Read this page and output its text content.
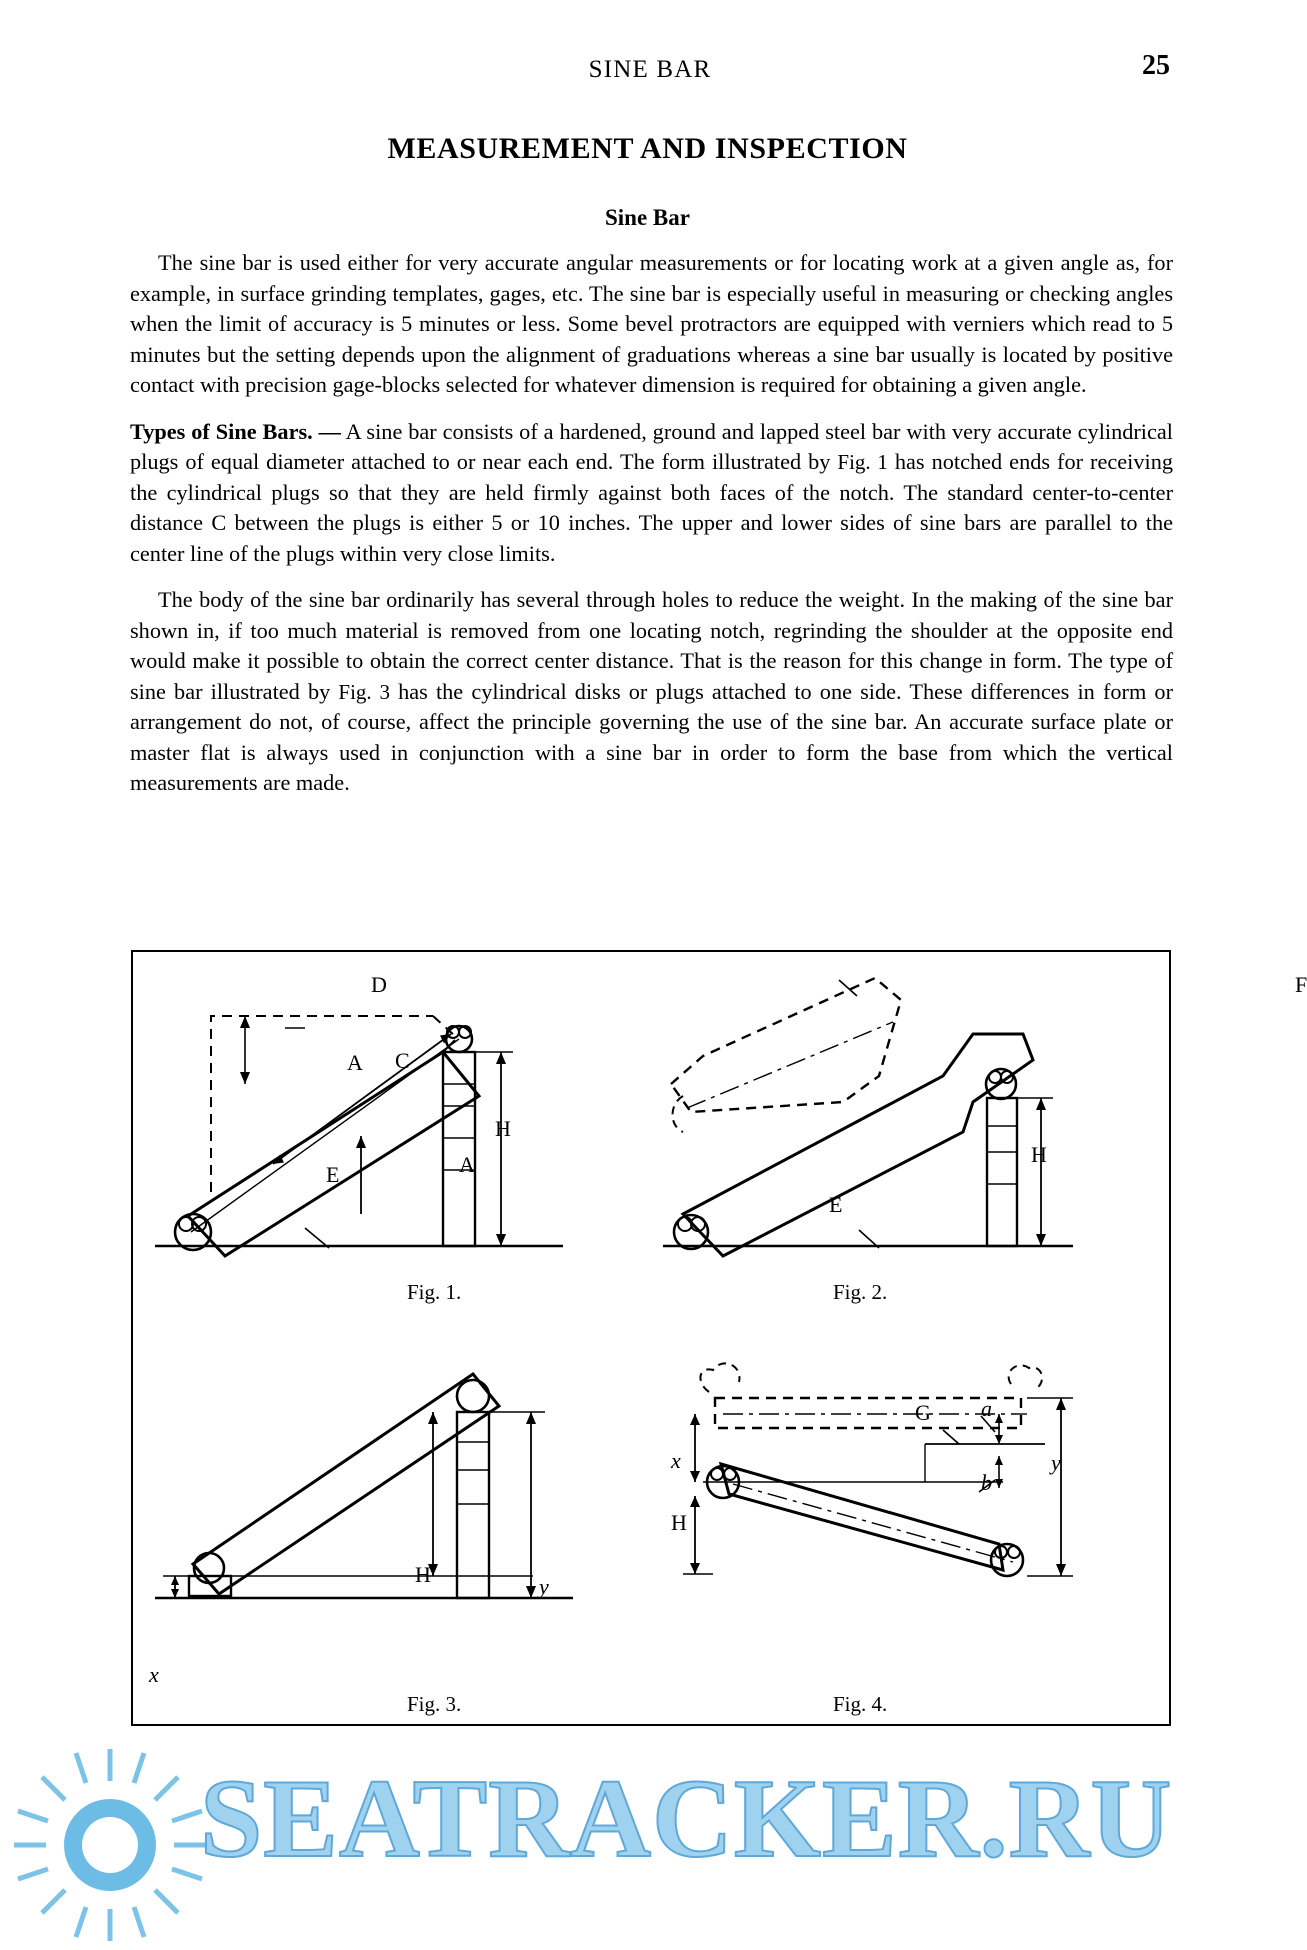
SINE BAR	25
MEASUREMENT AND INSPECTION
Sine Bar

The sine bar is used either for very accurate angular measurements or for locating work at a given angle as, for example, in surface grinding templates, gages, etc. The sine bar is especially useful in measuring or checking angles when the limit of accuracy is 5 minutes or less. Some bevel protractors are equipped with verniers which read to 5 minutes but the setting depends upon the alignment of graduations whereas a sine bar usually is located by positive contact with precision gage-blocks selected for whatever dimension is required for obtaining a given angle.

Types of Sine Bars. — A sine bar consists of a hardened, ground and lapped steel bar with very accurate cylindrical plugs of equal diameter attached to or near each end. The form illustrated by Fig. 1 has notched ends for receiving the cylindrical plugs so that they are held firmly against both faces of the notch. The standard center-to-center distance C between the plugs is either 5 or 10 inches. The upper and lower sides of sine bars are parallel to the center line of the plugs within very close limits.

The body of the sine bar ordinarily has several through holes to reduce the weight. In the making of the sine bar shown in, if too much material is removed from one locating notch, regrinding the shoulder at the opposite end would make it possible to obtain the correct center distance. That is the reason for this change in form. The type of sine bar illustrated by Fig. 3 has the cylindrical disks or plugs attached to one side. These differences in form or arrangement do not, of course, affect the principle governing the use of the sine bar. An accurate surface plate or master flat is always used in conjunction with a sine bar in order to form the base from which the vertical measurements are made.

D
A C
H
A
E
Fig. 1.
F
H
E
Fig. 2.
H	y
x
Fig. 3.
G a
b
x
H
y
Fig. 4.
SEATRACKER.RU
